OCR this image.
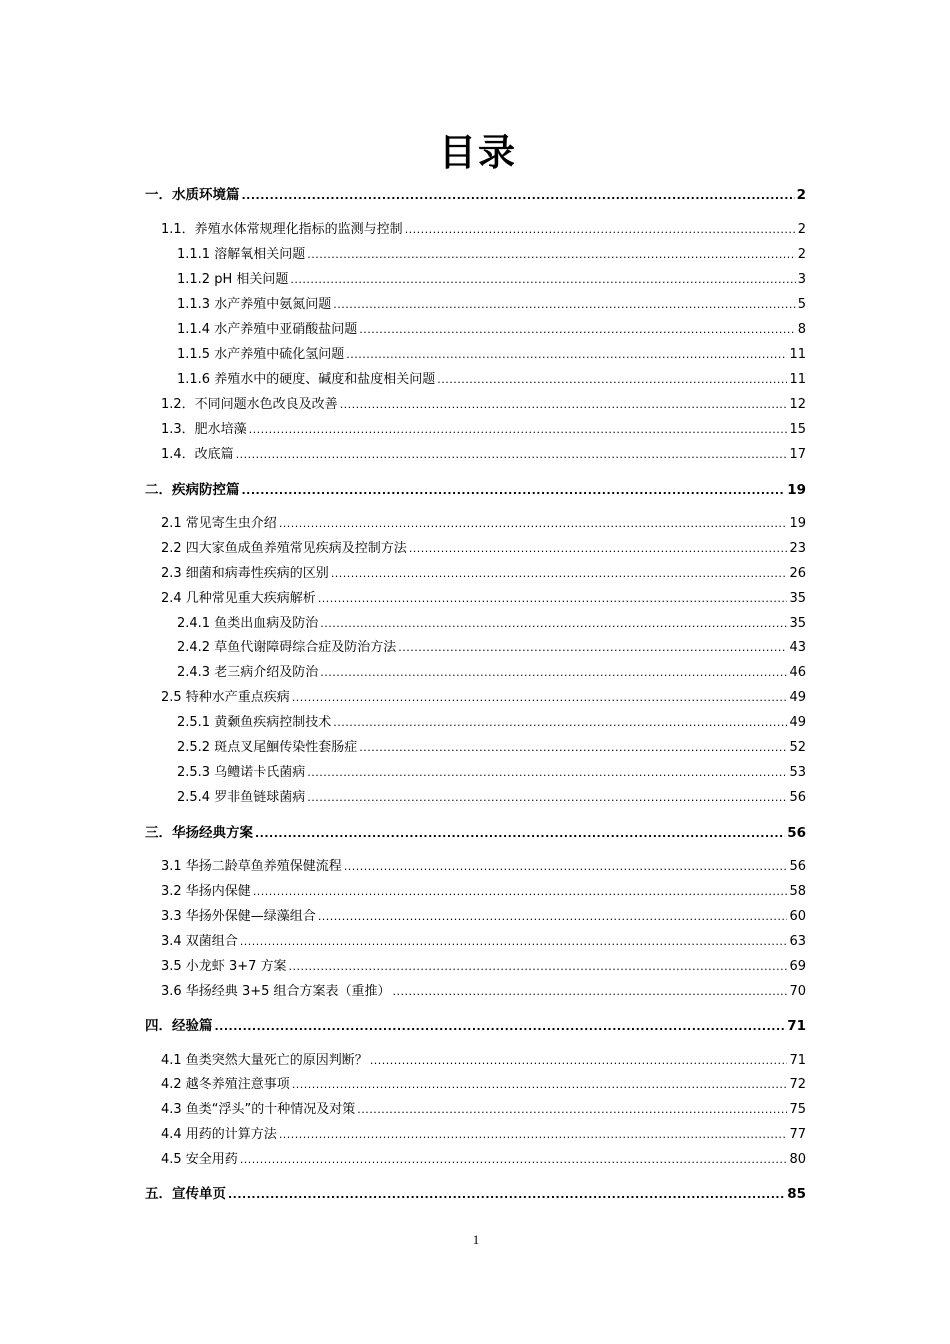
目录
一．水质环境篇 .....	2
1.1．养殖水体常规理化指标的监测与控制 .....	2
1.1.1 溶解氧相关问题 .....	2
1.1.2 pH 相关问题 .....	3
1.1.3 水产养殖中氨氮问题 .....	5
1.1.4 水产养殖中亚硝酸盐问题 .....	8
1.1.5 水产养殖中硫化氢问题 .....	11
1.1.6 养殖水中的硬度、碱度和盐度相关问题 .....	11
1.2．不同问题水色改良及改善 .....	12
1.3．肥水培藻 .....	15
1.4．改底篇 .....	17
二．疾病防控篇 .....	19
2.1 常见寄生虫介绍 .....	19
2.2 四大家鱼成鱼养殖常见疾病及控制方法 .....	23
2.3 细菌和病毒性疾病的区别 .....	26
2.4 几种常见重大疾病解析 .....	35
2.4.1 鱼类出血病及防治 .....	35
2.4.2 草鱼代谢障碍综合症及防治方法 .....	43
2.4.3 老三病介绍及防治 .....	46
2.5 特种水产重点疾病 .....	49
2.5.1 黄颡鱼疾病控制技术 .....	49
2.5.2 斑点叉尾鮰传染性套肠症 .....	52
2.5.3 乌鳢诺卡氏菌病 .....	53
2.5.4 罗非鱼链球菌病 .....	56
三．华扬经典方案 .....	56
3.1 华扬二龄草鱼养殖保健流程 .....	56
3.2 华扬内保健 .....	58
3.3 华扬外保健—绿藻组合 .....	60
3.4 双菌组合 .....	63
3.5 小龙虾 3+7 方案 .....	69
3.6 华扬经典 3+5 组合方案表（重推） .....	70
四．经验篇 .....	71
4.1 鱼类突然大量死亡的原因判断？ .....	71
4.2 越冬养殖注意事项 .....	72
4.3 鱼类“浮头”的十种情况及对策 .....	75
4.4 用药的计算方法 .....	77
4.5 安全用药 .....	80
五．宣传单页 .....	85
1
